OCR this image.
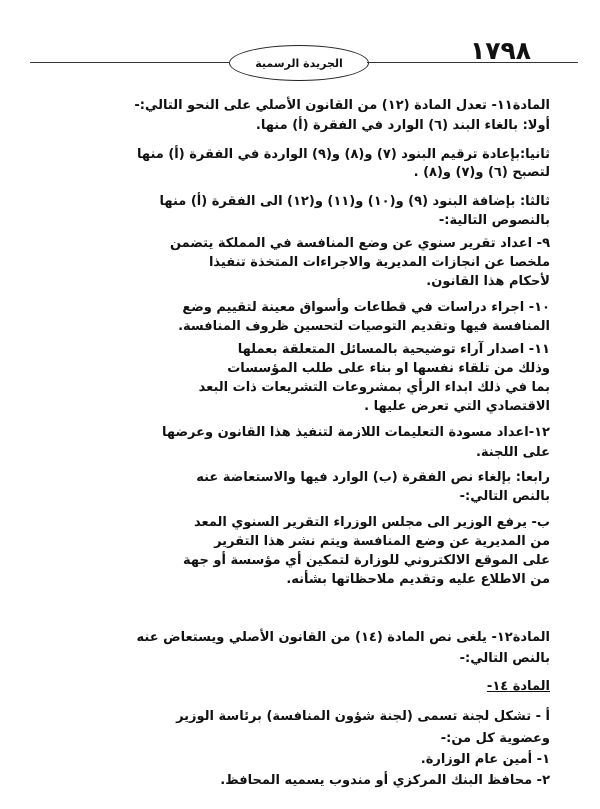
١٧٩٨
الجريدة الرسمية
المادة١١- تعدل المادة (١٢) من القانون الأصلي على النحو التالي:-
أولا: بالغاء البند (٦) الوارد في الفقرة (أ) منها.
ثانيا:بإعادة ترقيم البنود (٧) و(٨) و(٩) الواردة في الفقرة (أ) منها
لتصبح (٦) و(٧) و(٨) .
ثالثا: بإضافة البنود (٩) و(١٠) و(١١) و(١٢) الى الفقرة (أ) منها
بالنصوص التالية:-
٩- اعداد تقرير سنوي عن وضع المنافسة في المملكة يتضمن
ملخصا عن انجازات المديرية والاجراءات المتخذة تنفيذا
لأحكام هذا القانون.
١٠- اجراء دراسات في قطاعات وأسواق معينة لتقييم وضع
المنافسة فيها وتقديم التوصيات لتحسين ظروف المنافسة.
١١- اصدار آراء توضيحية بالمسائل المتعلقة بعملها
وذلك من تلقاء نفسها او بناء على طلب المؤسسات
بما في ذلك ابداء الرأي بمشروعات التشريعات ذات البعد
الاقتصادي التي تعرض عليها .
١٢-اعداد مسودة التعليمات اللازمة لتنفيذ هذا القانون وعرضها
على اللجنة.
رابعا: بإلغاء نص الفقرة (ب) الوارد فيها والاستعاضة عنه
بالنص التالي:-
ب- يرفع الوزير الى مجلس الوزراء التقرير السنوي المعد
من المديرية عن وضع المنافسة ويتم نشر هذا التقرير
على الموقع الالكتروني للوزارة لتمكين أي مؤسسة أو جهة
من الاطلاع عليه وتقديم ملاحظاتها بشأنه.
المادة١٢- يلغى نص المادة (١٤) من القانون الأصلي ويستعاض عنه
بالنص التالي:-
المادة ١٤-
أ - تشكل لجنة تسمى (لجنة شؤون المنافسة) برئاسة الوزير
وعضوية كل من:-
١- أمين عام الوزارة.
٢- محافظ البنك المركزي أو مندوب يسميه المحافظ.
